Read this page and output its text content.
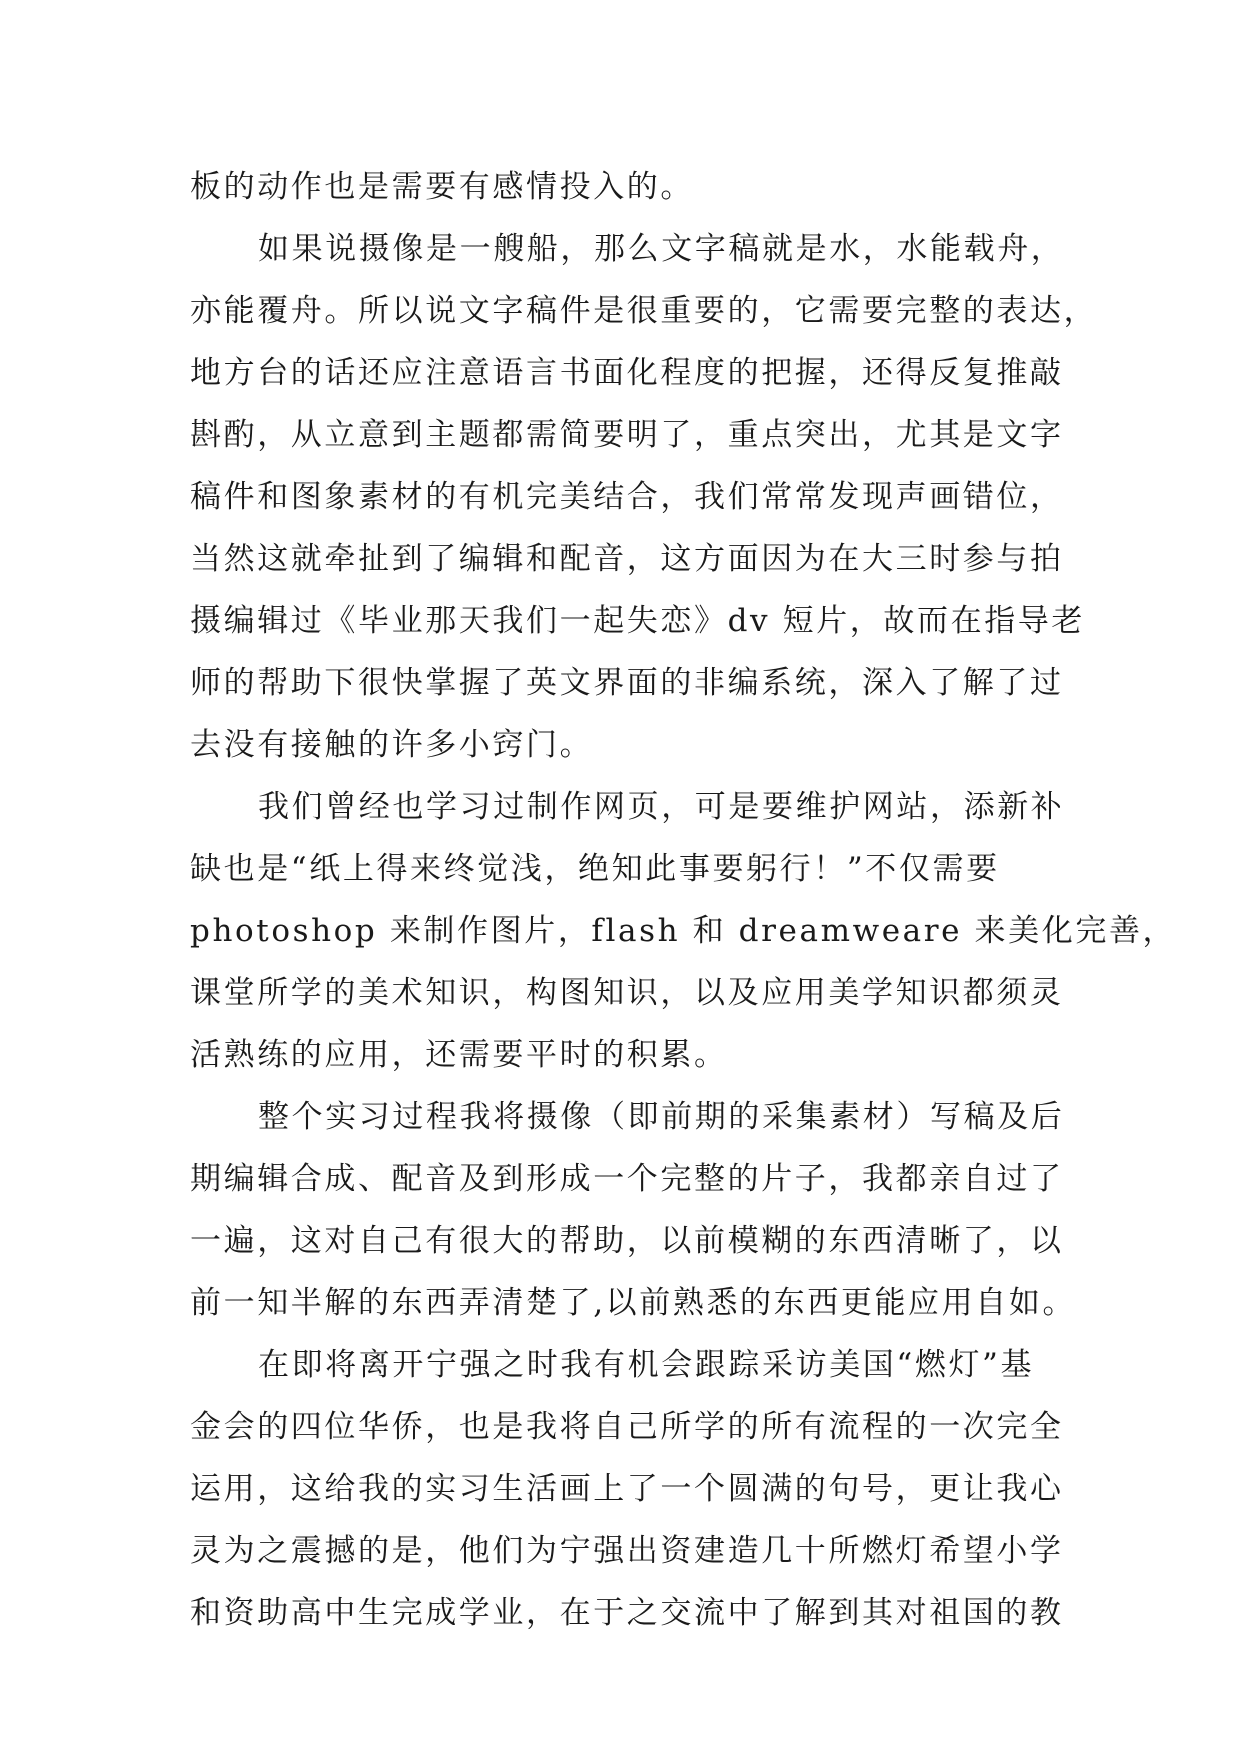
板的动作也是需要有感情投入的。
如果说摄像是一艘船，那么文字稿就是水，水能载舟，
亦能覆舟。所以说文字稿件是很重要的，它需要完整的表达，
地方台的话还应注意语言书面化程度的把握，还得反复推敲
斟酌，从立意到主题都需简要明了，重点突出，尤其是文字
稿件和图象素材的有机完美结合，我们常常发现声画错位，
当然这就牵扯到了编辑和配音，这方面因为在大三时参与拍
摄编辑过《毕业那天我们一起失恋》dv 短片，故而在指导老
师的帮助下很快掌握了英文界面的非编系统，深入了解了过
去没有接触的许多小窍门。
我们曾经也学习过制作网页，可是要维护网站，添新补
缺也是“纸上得来终觉浅，绝知此事要躬行！”不仅需要
photoshop 来制作图片，flash 和 dreamweare 来美化完善，
课堂所学的美术知识，构图知识，以及应用美学知识都须灵
活熟练的应用，还需要平时的积累。
整个实习过程我将摄像（即前期的采集素材）写稿及后
期编辑合成、配音及到形成一个完整的片子，我都亲自过了
一遍，这对自己有很大的帮助，以前模糊的东西清晰了，以
前一知半解的东西弄清楚了,以前熟悉的东西更能应用自如。
在即将离开宁强之时我有机会跟踪采访美国“燃灯”基
金会的四位华侨，也是我将自己所学的所有流程的一次完全
运用，这给我的实习生活画上了一个圆满的句号，更让我心
灵为之震撼的是，他们为宁强出资建造几十所燃灯希望小学
和资助高中生完成学业，在于之交流中了解到其对祖国的教
